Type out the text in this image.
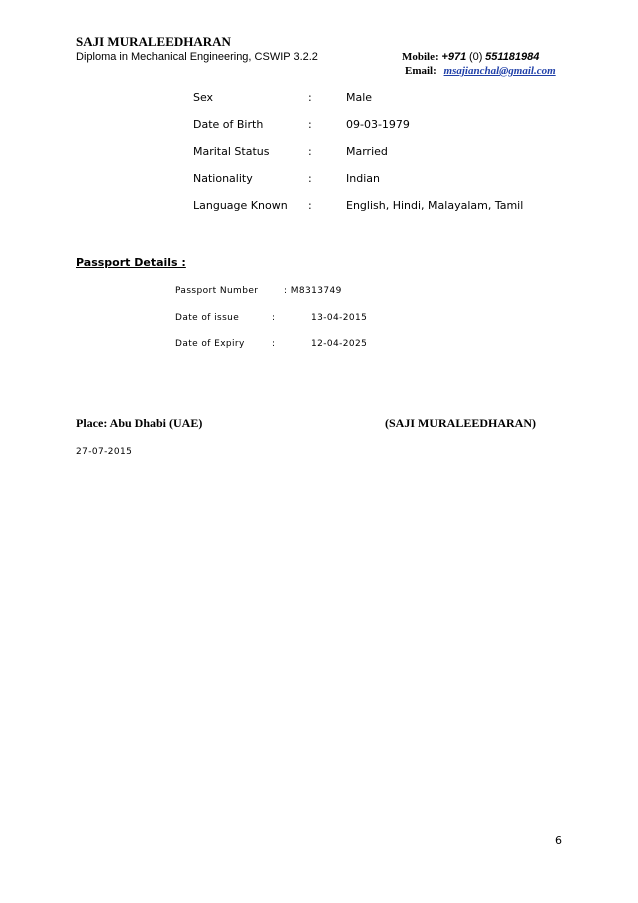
SAJI MURALEEDHARAN
Diploma in Mechanical Engineering, CSWIP 3.2.2	Mobile: +971 (0) 551181984
Email: msajianchal@gmail.com
Sex	:	Male
Date of Birth	:	09-03-1979
Marital Status	:	Married
Nationality	:	Indian
Language Known :	English, Hindi, Malayalam, Tamil
Passport Details :
Passport Number	: M8313749
Date of issue	:	13-04-2015
Date of Expiry	:	12-04-2025
Place: Abu Dhabi (UAE)	(SAJI MURALEEDHARAN)
27-07-2015
6
